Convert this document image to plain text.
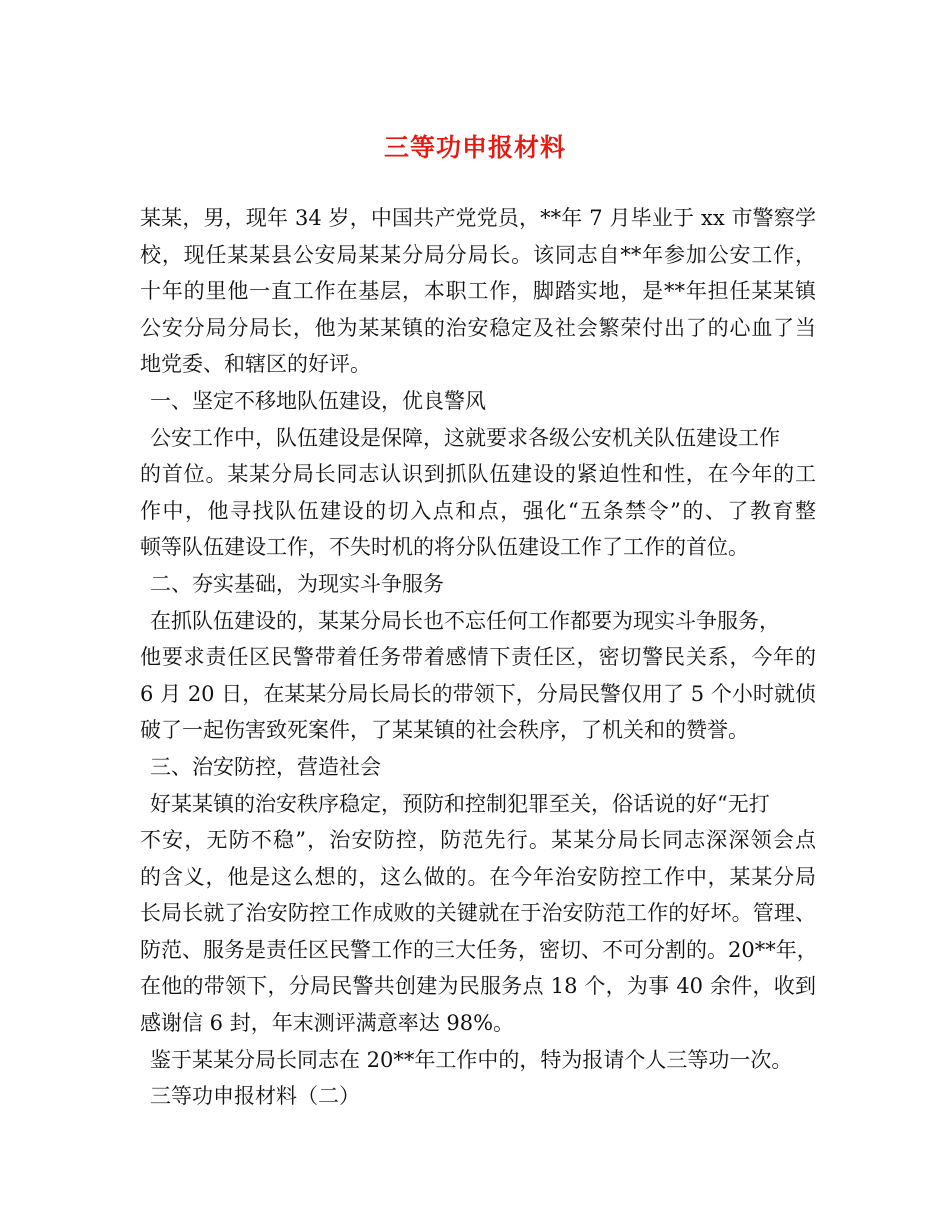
三等功申报材料
某某，男，现年 34 岁，中国共产党党员，**年 7 月毕业于 xx 市警察学
校，现任某某县公安局某某分局分局长。该同志自**年参加公安工作，
十年的里他一直工作在基层，本职工作，脚踏实地，是**年担任某某镇
公安分局分局长，他为某某镇的治安稳定及社会繁荣付出了的心血了当
地党委、和辖区的好评。
一、坚定不移地队伍建设，优良警风
公安工作中，队伍建设是保障，这就要求各级公安机关队伍建设工作
的首位。某某分局长同志认识到抓队伍建设的紧迫性和性，在今年的工
作中，他寻找队伍建设的切入点和点，强化“五条禁令”的、了教育整
顿等队伍建设工作，不失时机的将分队伍建设工作了工作的首位。
二、夯实基础，为现实斗争服务
在抓队伍建设的，某某分局长也不忘任何工作都要为现实斗争服务，
他要求责任区民警带着任务带着感情下责任区，密切警民关系，今年的
6 月 20 日，在某某分局长局长的带领下，分局民警仅用了 5 个小时就侦
破了一起伤害致死案件，了某某镇的社会秩序，了机关和的赞誉。
三、治安防控，营造社会
好某某镇的治安秩序稳定，预防和控制犯罪至关，俗话说的好“无打
不安，无防不稳”，治安防控，防范先行。某某分局长同志深深领会点
的含义，他是这么想的，这么做的。在今年治安防控工作中，某某分局
长局长就了治安防控工作成败的关键就在于治安防范工作的好坏。管理、
防范、服务是责任区民警工作的三大任务，密切、不可分割的。20**年，
在他的带领下，分局民警共创建为民服务点 18 个，为事 40 余件，收到
感谢信 6 封，年末测评满意率达 98%。
鉴于某某分局长同志在 20**年工作中的，特为报请个人三等功一次。
三等功申报材料（二）
